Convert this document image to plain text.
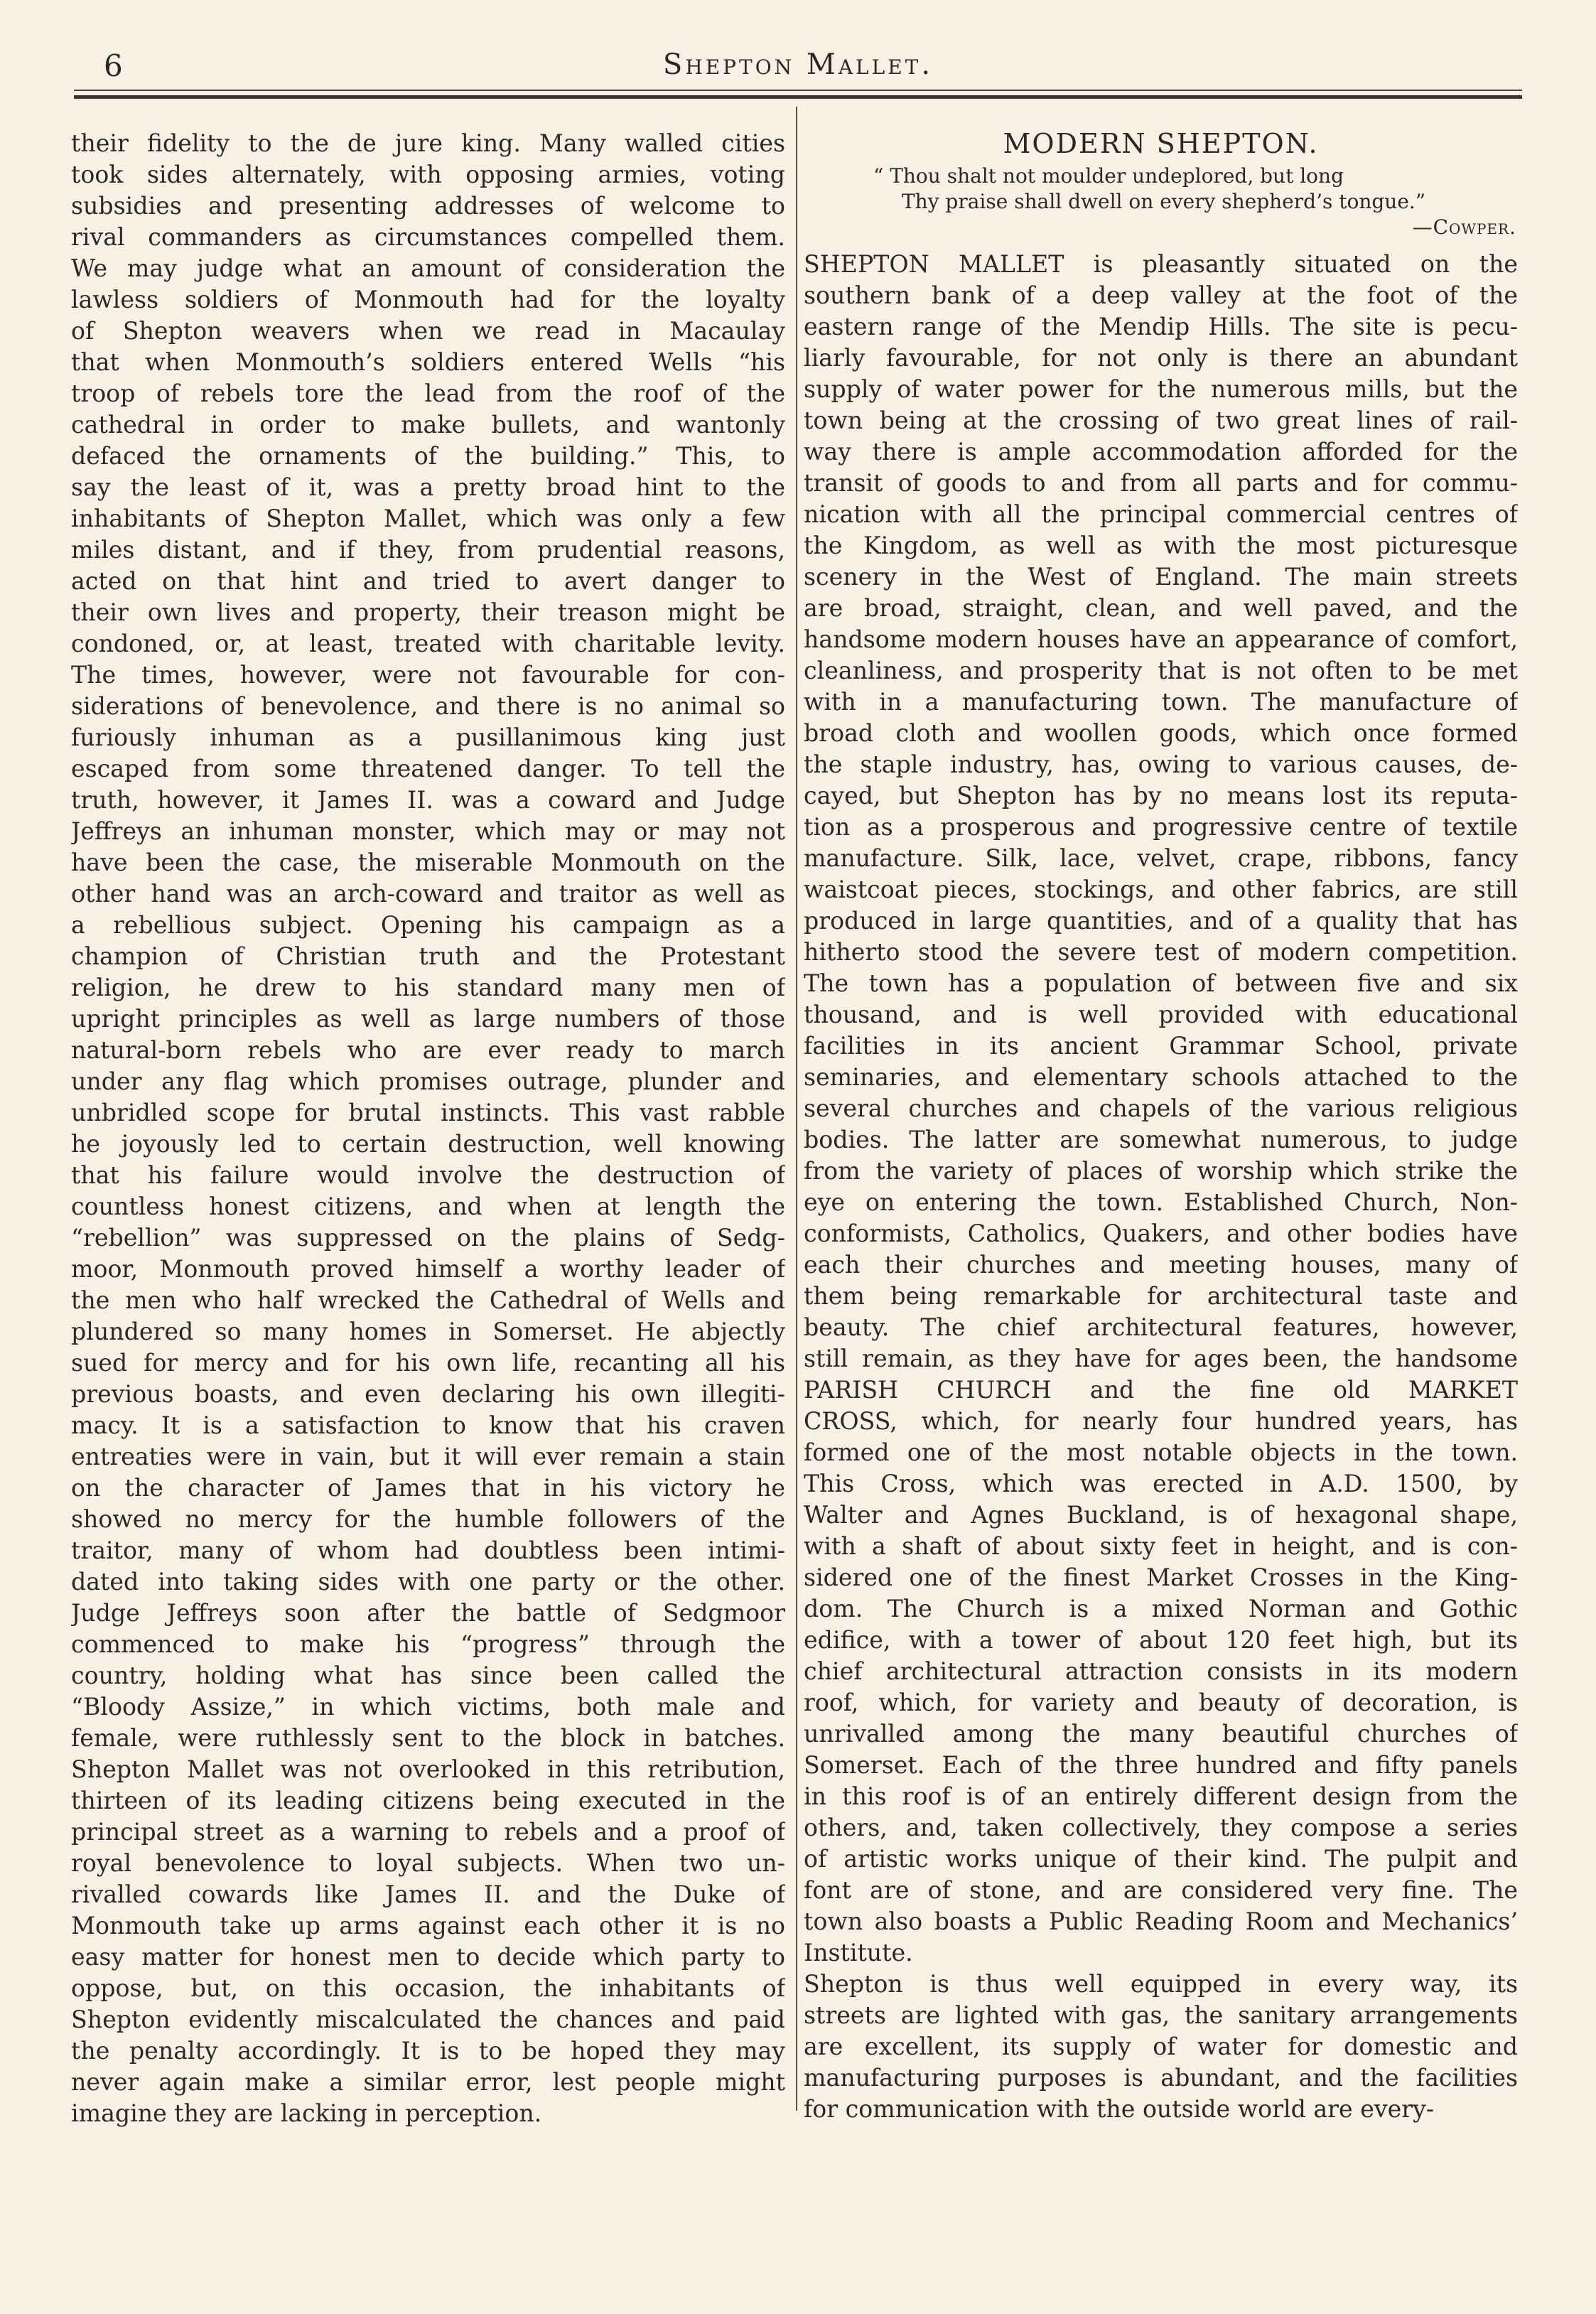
6	Shepton Mallet.
their fidelity to the de jure king. Many walled cities
took sides alternately, with opposing armies, voting
subsidies and presenting addresses of welcome to
rival commanders as circumstances compelled them.
We may judge what an amount of consideration the
lawless soldiers of Monmouth had for the loyalty
of Shepton weavers when we read in Macaulay
that when Monmouth’s soldiers entered Wells “his
troop of rebels tore the lead from the roof of the
cathedral in order to make bullets, and wantonly
defaced the ornaments of the building.” This, to
say the least of it, was a pretty broad hint to the
inhabitants of Shepton Mallet, which was only a few
miles distant, and if they, from prudential reasons,
acted on that hint and tried to avert danger to
their own lives and property, their treason might be
condoned, or, at least, treated with charitable levity.
The times, however, were not favourable for con-
siderations of benevolence, and there is no animal so
furiously inhuman as a pusillanimous king just
escaped from some threatened danger. To tell the
truth, however, it James II. was a coward and Judge
Jeffreys an inhuman monster, which may or may not
have been the case, the miserable Monmouth on the
other hand was an arch-coward and traitor as well as
a rebellious subject. Opening his campaign as a
champion of Christian truth and the Protestant
religion, he drew to his standard many men of
upright principles as well as large numbers of those
natural-born rebels who are ever ready to march
under any flag which promises outrage, plunder and
unbridled scope for brutal instincts. This vast rabble
he joyously led to certain destruction, well knowing
that his failure would involve the destruction of
countless honest citizens, and when at length the
“rebellion” was suppressed on the plains of Sedg-
moor, Monmouth proved himself a worthy leader of
the men who half wrecked the Cathedral of Wells and
plundered so many homes in Somerset. He abjectly
sued for mercy and for his own life, recanting all his
previous boasts, and even declaring his own illegiti-
macy. It is a satisfaction to know that his craven
entreaties were in vain, but it will ever remain a stain
on the character of James that in his victory he
showed no mercy for the humble followers of the
traitor, many of whom had doubtless been intimi-
dated into taking sides with one party or the other.
Judge Jeffreys soon after the battle of Sedgmoor
commenced to make his “progress” through the
country, holding what has since been called the
“Bloody Assize,” in which victims, both male and
female, were ruthlessly sent to the block in batches.
Shepton Mallet was not overlooked in this retribution,
thirteen of its leading citizens being executed in the
principal street as a warning to rebels and a proof of
royal benevolence to loyal subjects. When two un-
rivalled cowards like James II. and the Duke of
Monmouth take up arms against each other it is no
easy matter for honest men to decide which party to
oppose, but, on this occasion, the inhabitants of
Shepton evidently miscalculated the chances and paid
the penalty accordingly. It is to be hoped they may
never again make a similar error, lest people might
imagine they are lacking in perception.
MODERN SHEPTON.
“ Thou shalt not moulder undeplored, but long
Thy praise shall dwell on every shepherd’s tongue.”
—Cowper.
SHEPTON MALLET is pleasantly situated on the
southern bank of a deep valley at the foot of the
eastern range of the Mendip Hills. The site is pecu-
liarly favourable, for not only is there an abundant
supply of water power for the numerous mills, but the
town being at the crossing of two great lines of rail-
way there is ample accommodation afforded for the
transit of goods to and from all parts and for commu-
nication with all the principal commercial centres of
the Kingdom, as well as with the most picturesque
scenery in the West of England. The main streets
are broad, straight, clean, and well paved, and the
handsome modern houses have an appearance of comfort,
cleanliness, and prosperity that is not often to be met
with in a manufacturing town. The manufacture of
broad cloth and woollen goods, which once formed
the staple industry, has, owing to various causes, de-
cayed, but Shepton has by no means lost its reputa-
tion as a prosperous and progressive centre of textile
manufacture. Silk, lace, velvet, crape, ribbons, fancy
waistcoat pieces, stockings, and other fabrics, are still
produced in large quantities, and of a quality that has
hitherto stood the severe test of modern competition.
The town has a population of between five and six
thousand, and is well provided with educational
facilities in its ancient Grammar School, private
seminaries, and elementary schools attached to the
several churches and chapels of the various religious
bodies. The latter are somewhat numerous, to judge
from the variety of places of worship which strike the
eye on entering the town. Established Church, Non-
conformists, Catholics, Quakers, and other bodies have
each their churches and meeting houses, many of
them being remarkable for architectural taste and
beauty. The chief architectural features, however,
still remain, as they have for ages been, the handsome
PARISH CHURCH and the fine old MARKET
CROSS, which, for nearly four hundred years, has
formed one of the most notable objects in the town.
This Cross, which was erected in A.D. 1500, by
Walter and Agnes Buckland, is of hexagonal shape,
with a shaft of about sixty feet in height, and is con-
sidered one of the finest Market Crosses in the King-
dom. The Church is a mixed Norman and Gothic
edifice, with a tower of about 120 feet high, but its
chief architectural attraction consists in its modern
roof, which, for variety and beauty of decoration, is
unrivalled among the many beautiful churches of
Somerset. Each of the three hundred and fifty panels
in this roof is of an entirely different design from the
others, and, taken collectively, they compose a series
of artistic works unique of their kind. The pulpit and
font are of stone, and are considered very fine. The
town also boasts a Public Reading Room and Mechanics’
Institute.
Shepton is thus well equipped in every way, its
streets are lighted with gas, the sanitary arrangements
are excellent, its supply of water for domestic and
manufacturing purposes is abundant, and the facilities
for communication with the outside world are every-
